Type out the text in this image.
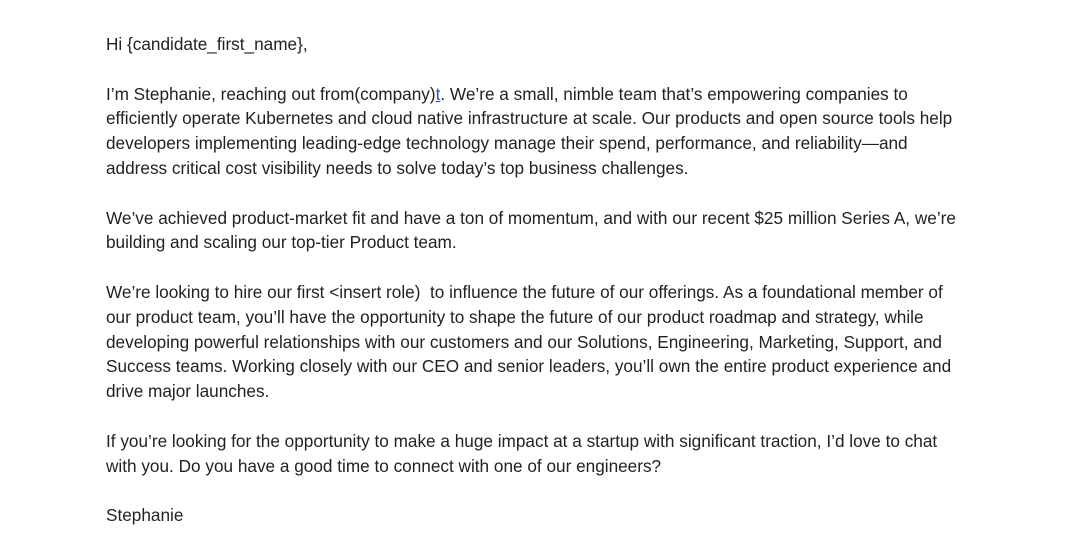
Hi {candidate_first_name},

I’m Stephanie, reaching out from(company)t. We’re a small, nimble team that’s empowering companies to efficiently operate Kubernetes and cloud native infrastructure at scale. Our products and open source tools help developers implementing leading-edge technology manage their spend, performance, and reliability—and address critical cost visibility needs to solve today’s top business challenges.

We’ve achieved product-market fit and have a ton of momentum, and with our recent $25 million Series A, we’re building and scaling our top-tier Product team.

We’re looking to hire our first <insert role)  to influence the future of our offerings. As a foundational member of our product team, you’ll have the opportunity to shape the future of our product roadmap and strategy, while developing powerful relationships with our customers and our Solutions, Engineering, Marketing, Support, and Success teams. Working closely with our CEO and senior leaders, you’ll own the entire product experience and drive major launches.

If you’re looking for the opportunity to make a huge impact at a startup with significant traction, I’d love to chat with you. Do you have a good time to connect with one of our engineers?

Stephanie
